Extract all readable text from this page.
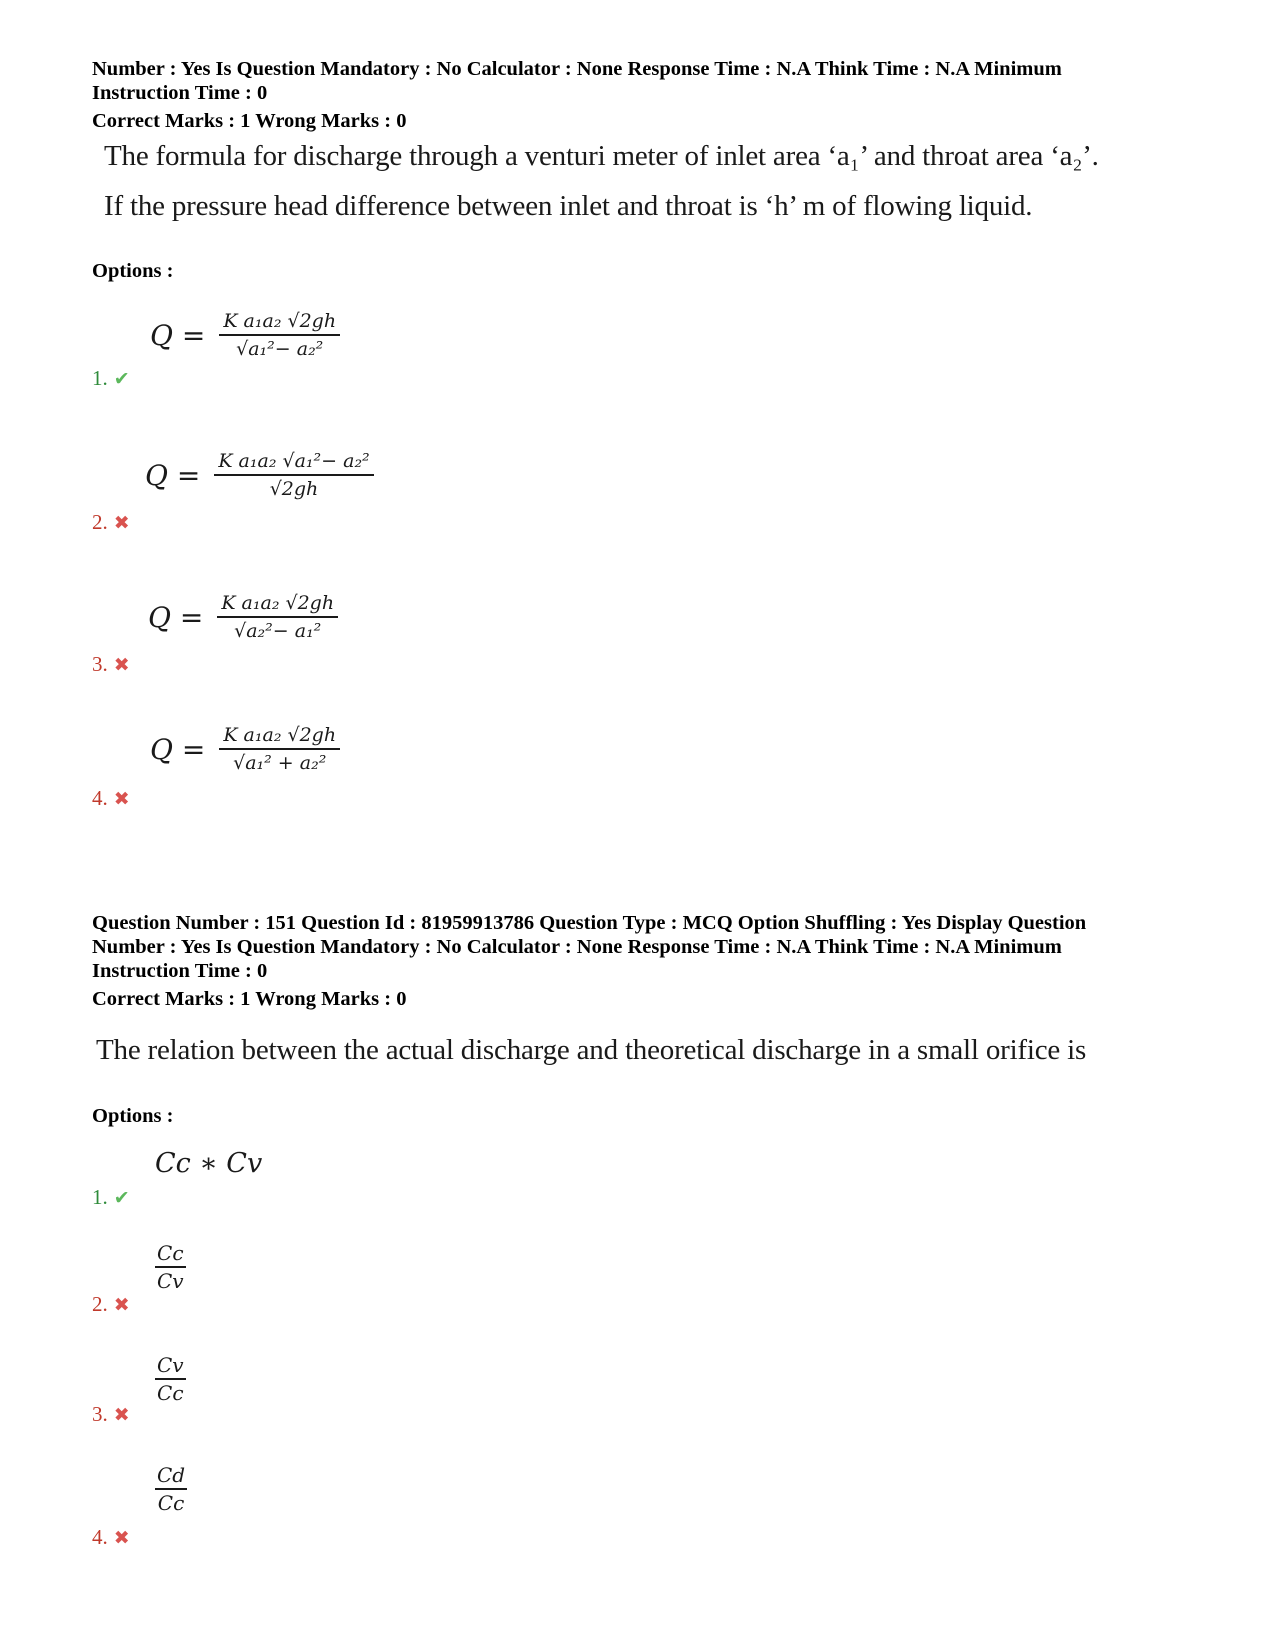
Number : Yes Is Question Mandatory : No Calculator : None Response Time : N.A Think Time : N.A Minimum
Instruction Time : 0
Correct Marks : 1 Wrong Marks : 0
The formula for discharge through a venturi meter of inlet area ‘a₁’ and throat area ‘a₂’.
If the pressure head difference between inlet and throat is ‘h’ m of flowing liquid.
Options :
$Q = \frac{\text{K a₁a₂ √2gh}}{\text{√a₁²− a₂²}}$
1. ✔
$Q = \frac{\text{K a₁a₂ √a₁²− a₂²}}{√2gh}$
2. ✖
$Q = \frac{\text{K a₁a₂ √2gh}}{\text{√a₂²− a₁²}}$
3. ✖
$Q = \frac{\text{K a₁a₂ √2gh}}{\text{√a₁² + a₂²}}$
4. ✖
Question Number : 151 Question Id : 81959913786 Question Type : MCQ Option Shuffling : Yes Display Question
Number : Yes Is Question Mandatory : No Calculator : None Response Time : N.A Think Time : N.A Minimum
Instruction Time : 0
Correct Marks : 1 Wrong Marks : 0
The relation between the actual discharge and theoretical discharge in a small orifice is
Options :
Cc ∗ Cv
1. ✔
$\frac{Cc}{Cv}$
2. ✖
$\frac{Cv}{Cc}$
3. ✖
$\frac{Cd}{Cc}$
4. ✖
